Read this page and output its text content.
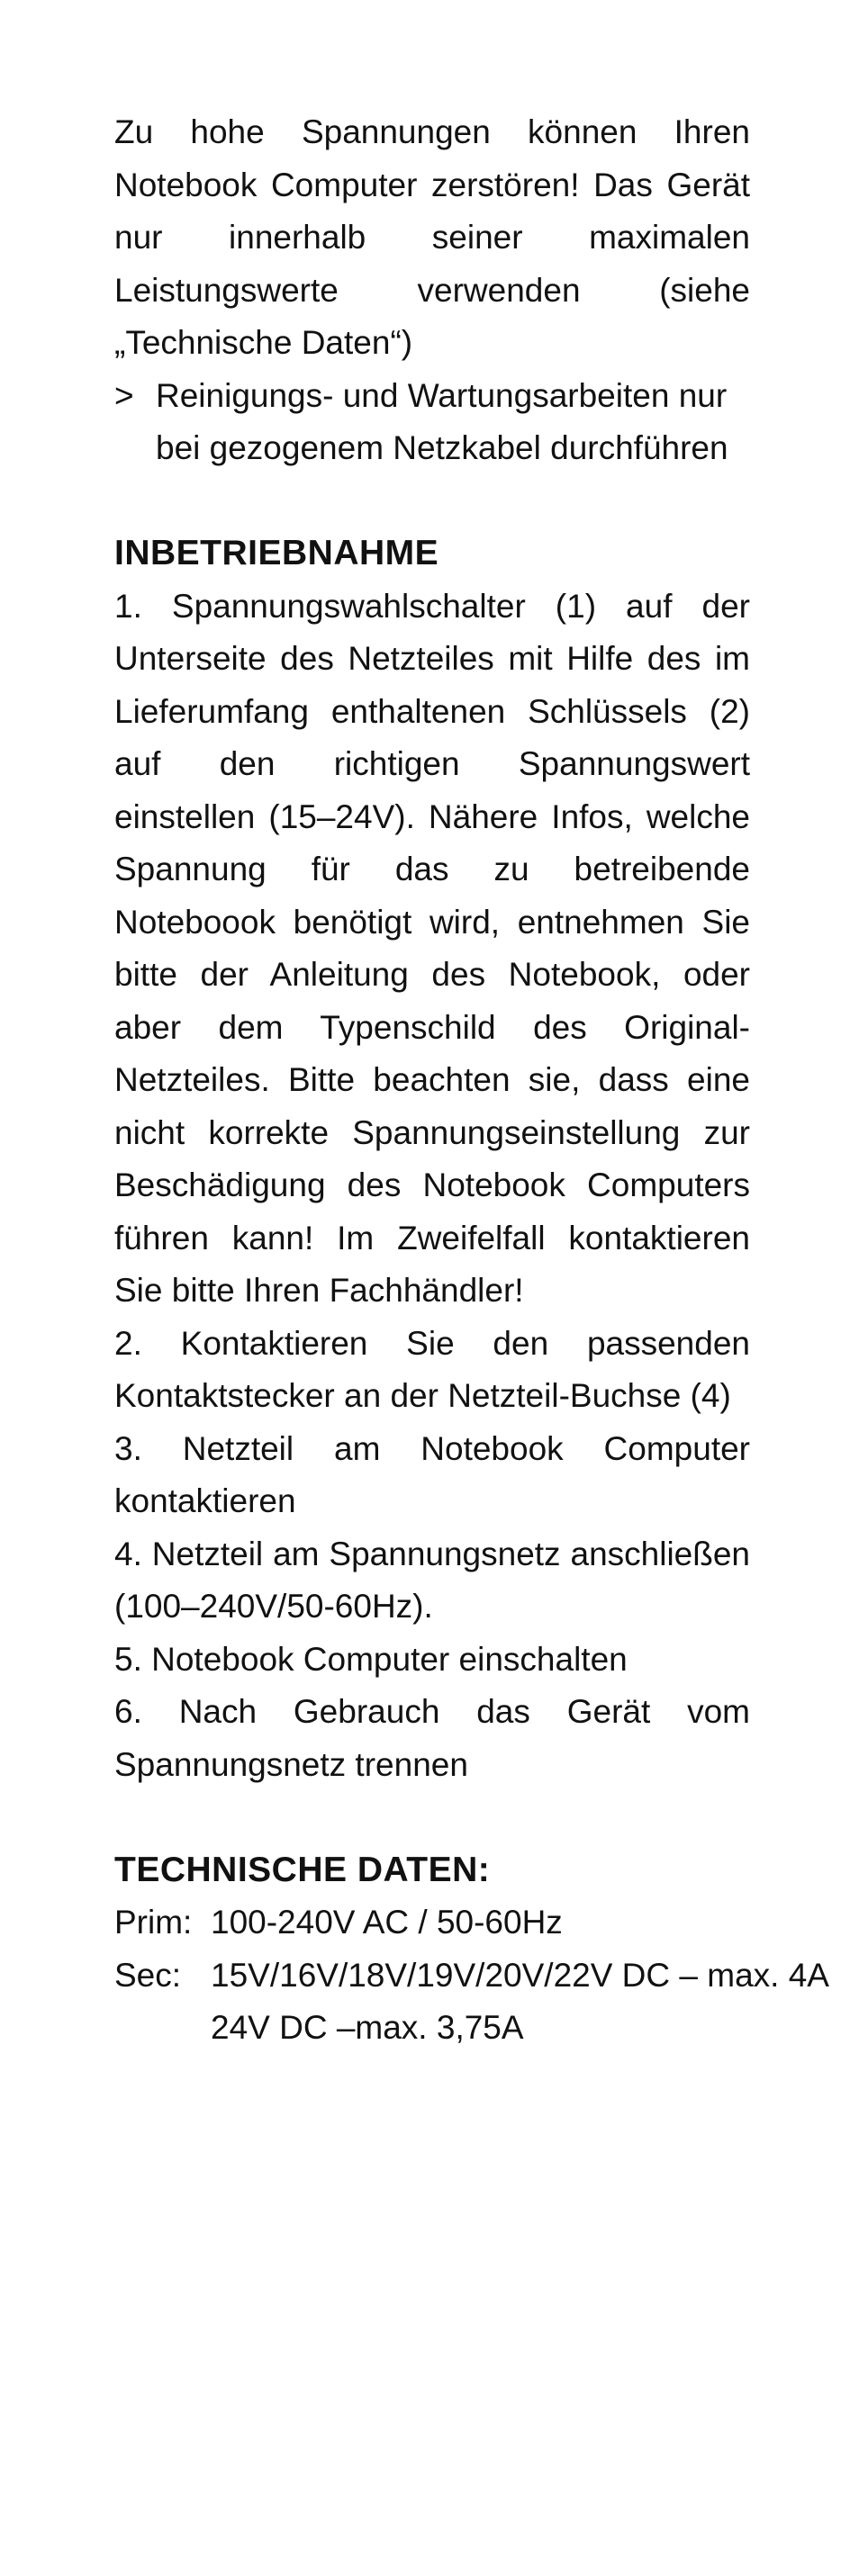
Zu hohe Spannungen können Ihren Notebook Computer zerstören! Das Gerät nur innerhalb seiner maximalen Leistungswerte verwenden (siehe „Technische Daten“)

> Reinigungs- und Wartungsarbeiten nur bei gezogenem Netzkabel durchführen

INBETRIEBNAHME

1. Spannungswahlschalter (1) auf der Unterseite des Netzteiles mit Hilfe des im Lieferumfang enthaltenen Schlüssels (2) auf den richtigen Spannungswert einstellen (15–24V). Nähere Infos, welche Spannung für das zu betreibende Noteboook benötigt wird, entnehmen Sie bitte der Anleitung des Notebook, oder aber dem Typenschild des Original-Netzteiles. Bitte beachten sie, dass eine nicht korrekte Spannungseinstellung zur Beschädigung des Notebook Computers führen kann! Im Zweifelfall kontaktieren Sie bitte Ihren Fachhändler!

2. Kontaktieren Sie den passenden Kontaktstecker an der Netzteil-Buchse (4)

3. Netzteil am Notebook Computer kontaktieren

4. Netzteil am Spannungsnetz anschließen (100–240V/50-60Hz).

5. Notebook Computer einschalten

6. Nach Gebrauch das Gerät vom Spannungsnetz trennen

TECHNISCHE DATEN:

Prim: 100-240V AC / 50-60Hz
Sec: 15V/16V/18V/19V/20V/22V DC – max. 4A
24V DC –max. 3,75A
